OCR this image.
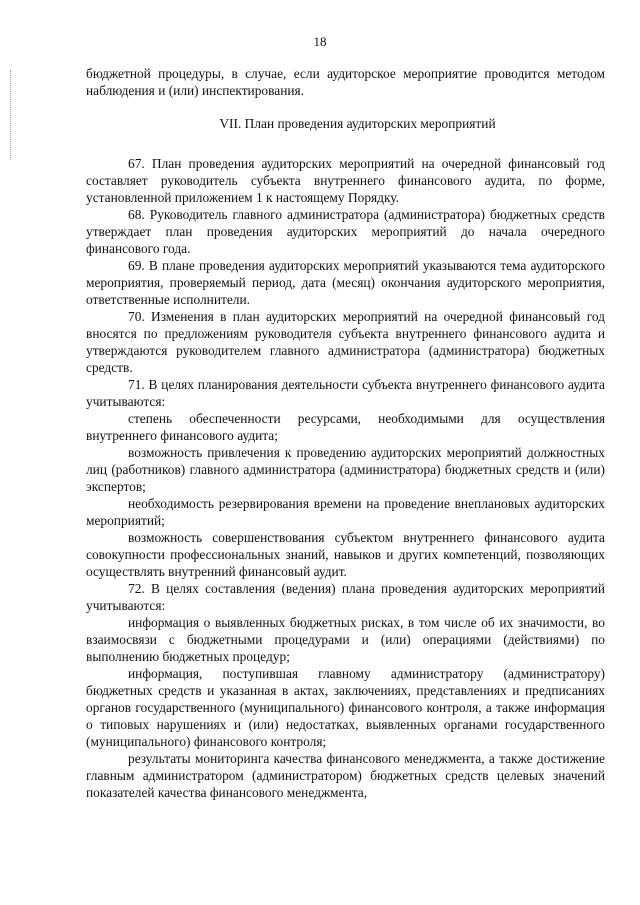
18

бюджетной процедуры, в случае, если аудиторское мероприятие проводится методом наблюдения и (или) инспектирования.

VII. План проведения аудиторских мероприятий

67. План проведения аудиторских мероприятий на очередной финансовый год составляет руководитель субъекта внутреннего финансового аудита, по форме, установленной приложением 1 к настоящему Порядку.

68. Руководитель главного администратора (администратора) бюджетных средств утверждает план проведения аудиторских мероприятий до начала очередного финансового года.

69. В плане проведения аудиторских мероприятий указываются тема аудиторского мероприятия, проверяемый период, дата (месяц) окончания аудиторского мероприятия, ответственные исполнители.

70. Изменения в план аудиторских мероприятий на очередной финансовый год вносятся по предложениям руководителя субъекта внутреннего финансового аудита и утверждаются руководителем главного администратора (администратора) бюджетных средств.

71. В целях планирования деятельности субъекта внутреннего финансового аудита учитываются:

степень обеспеченности ресурсами, необходимыми для осуществления внутреннего финансового аудита;

возможность привлечения к проведению аудиторских мероприятий должностных лиц (работников) главного администратора (администратора) бюджетных средств и (или) экспертов;

необходимость резервирования времени на проведение внеплановых аудиторских мероприятий;

возможность совершенствования субъектом внутреннего финансового аудита совокупности профессиональных знаний, навыков и других компетенций, позволяющих осуществлять внутренний финансовый аудит.

72. В целях составления (ведения) плана проведения аудиторских мероприятий учитываются:

информация о выявленных бюджетных рисках, в том числе об их значимости, во взаимосвязи с бюджетными процедурами и (или) операциями (действиями) по выполнению бюджетных процедур;

информация, поступившая главному администратору (администратору) бюджетных средств и указанная в актах, заключениях, представлениях и предписаниях органов государственного (муниципального) финансового контроля, а также информация о типовых нарушениях и (или) недостатках, выявленных органами государственного (муниципального) финансового контроля;

результаты мониторинга качества финансового менеджмента, а также достижение главным администратором (администратором) бюджетных средств целевых значений показателей качества финансового менеджмента,
